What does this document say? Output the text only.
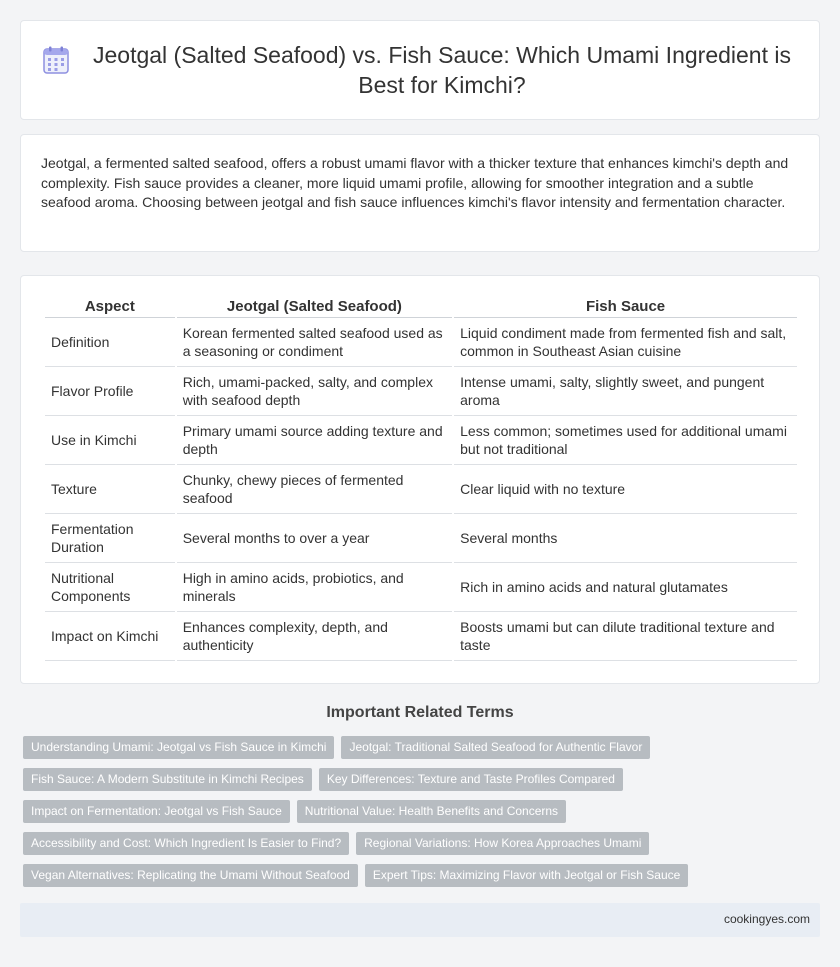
Jeotgal (Salted Seafood) vs. Fish Sauce: Which Umami Ingredient is Best for Kimchi?

Jeotgal, a fermented salted seafood, offers a robust umami flavor with a thicker texture that enhances kimchi's depth and complexity. Fish sauce provides a cleaner, more liquid umami profile, allowing for smoother integration and a subtle seafood aroma. Choosing between jeotgal and fish sauce influences kimchi's flavor intensity and fermentation character.

Aspect	Jeotgal (Salted Seafood)	Fish Sauce
Definition	Korean fermented salted seafood used as a seasoning or condiment	Liquid condiment made from fermented fish and salt, common in Southeast Asian cuisine
Flavor Profile	Rich, umami-packed, salty, and complex with seafood depth	Intense umami, salty, slightly sweet, and pungent aroma
Use in Kimchi	Primary umami source adding texture and depth	Less common; sometimes used for additional umami but not traditional
Texture	Chunky, chewy pieces of fermented seafood	Clear liquid with no texture
Fermentation Duration	Several months to over a year	Several months
Nutritional Components	High in amino acids, probiotics, and minerals	Rich in amino acids and natural glutamates
Impact on Kimchi	Enhances complexity, depth, and authenticity	Boosts umami but can dilute traditional texture and taste
Important Related Terms
Understanding Umami: Jeotgal vs Fish Sauce in Kimchi	Jeotgal: Traditional Salted Seafood for Authentic Flavor
Fish Sauce: A Modern Substitute in Kimchi Recipes	Key Differences: Texture and Taste Profiles Compared
Impact on Fermentation: Jeotgal vs Fish Sauce	Nutritional Value: Health Benefits and Concerns
Accessibility and Cost: Which Ingredient Is Easier to Find?	Regional Variations: How Korea Approaches Umami
Vegan Alternatives: Replicating the Umami Without Seafood	Expert Tips: Maximizing Flavor with Jeotgal or Fish Sauce
cookingyes.com
